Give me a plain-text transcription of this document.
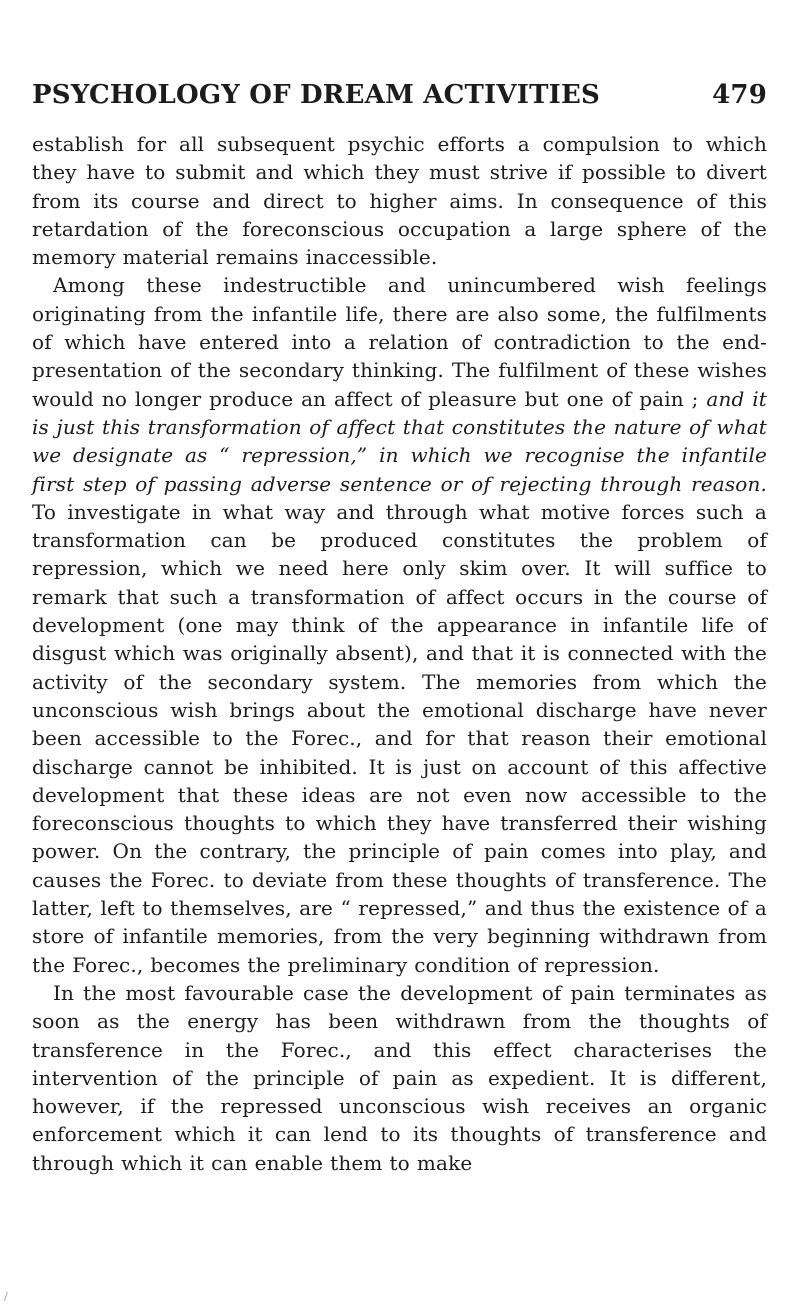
PSYCHOLOGY OF DREAM ACTIVITIES	479

establish for all subsequent psychic efforts a compulsion to which they have to submit and which they must strive if possible to divert from its course and direct to higher aims. In consequence of this retardation of the foreconscious occupation a large sphere of the memory material remains inaccessible.

Among these indestructible and unincumbered wish feelings originating from the infantile life, there are also some, the fulfilments of which have entered into a relation of contradiction to the end-presentation of the secondary thinking. The fulfilment of these wishes would no longer produce an affect of pleasure but one of pain ; and it is just this transformation of affect that constitutes the nature of what we designate as “ repression,” in which we recognise the infantile first step of passing adverse sentence or of rejecting through reason. To investigate in what way and through what motive forces such a transformation can be produced constitutes the problem of repression, which we need here only skim over. It will suffice to remark that such a transformation of affect occurs in the course of development (one may think of the appearance in infantile life of disgust which was originally absent), and that it is connected with the activity of the secondary system. The memories from which the unconscious wish brings about the emotional discharge have never been accessible to the Forec., and for that reason their emotional discharge cannot be inhibited. It is just on account of this affective development that these ideas are not even now accessible to the foreconscious thoughts to which they have transferred their wishing power. On the contrary, the principle of pain comes into play, and causes the Forec. to deviate from these thoughts of transference. The latter, left to themselves, are “ repressed,” and thus the existence of a store of infantile memories, from the very beginning withdrawn from the Forec., becomes the preliminary condition of repression.

In the most favourable case the development of pain terminates as soon as the energy has been withdrawn from the thoughts of transference in the Forec., and this effect characterises the intervention of the principle of pain as expedient. It is different, however, if the repressed unconscious wish receives an organic enforcement which it can lend to its thoughts of transference and through which it can enable them to make

/
